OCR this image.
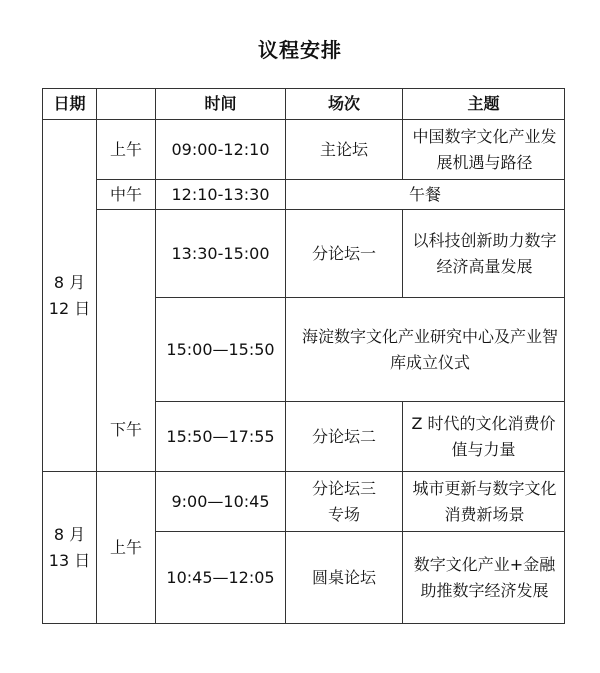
议程安排
日期		时间	场次	主题

8 月
12 日	上午	09:00-12:10	主论坛	中国数字文化产业发展机遇与路径
	中午	12:10-13:30	午餐	
	下午	13:30-15:00	分论坛一	以科技创新助力数字经济高量发展
		15:00—15:50	海淀数字文化产业研究中心及产业智库成立仪式	
		15:50—17:55	分论坛二	Z 时代的文化消费价值与力量

8 月
13 日	上午	9:00—10:45	分论坛三专场	城市更新与数字文化消费新场景
		10:45—12:05	圆桌论坛	数字文化产业+金融助推数字经济发展
